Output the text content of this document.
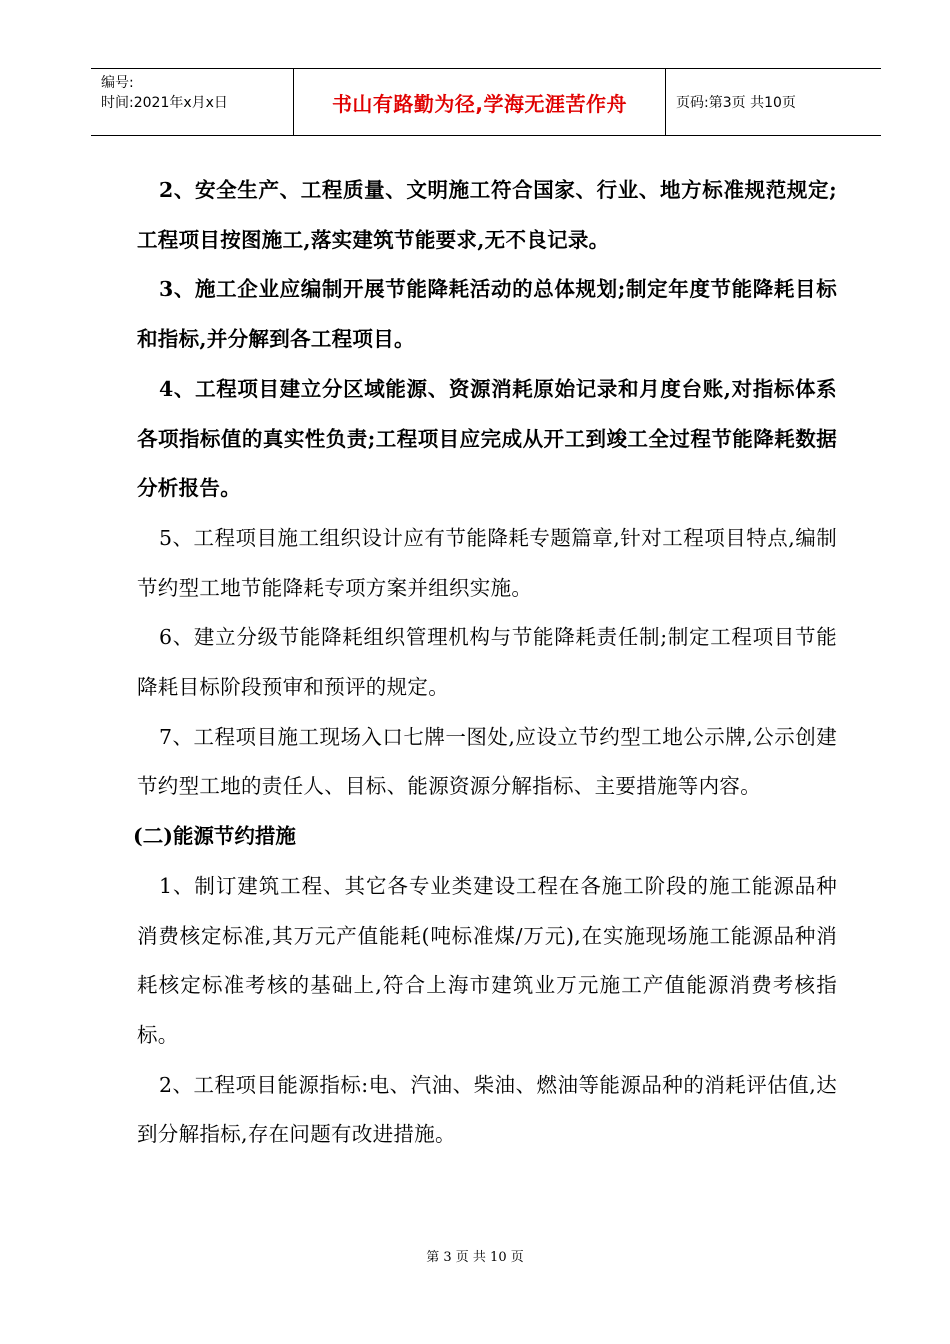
编号:
时间:2021年x月x日	书山有路勤为径,学海无涯苦作舟	页码:第3页 共10页

2、安全生产、工程质量、文明施工符合国家、行业、地方标准规范规定;工程项目按图施工,落实建筑节能要求,无不良记录。

3、施工企业应编制开展节能降耗活动的总体规划;制定年度节能降耗目标和指标,并分解到各工程项目。

4、工程项目建立分区域能源、资源消耗原始记录和月度台账,对指标体系各项指标值的真实性负责;工程项目应完成从开工到竣工全过程节能降耗数据分析报告。

5、工程项目施工组织设计应有节能降耗专题篇章,针对工程项目特点,编制节约型工地节能降耗专项方案并组织实施。

6、建立分级节能降耗组织管理机构与节能降耗责任制;制定工程项目节能降耗目标阶段预审和预评的规定。

7、工程项目施工现场入口七牌一图处,应设立节约型工地公示牌,公示创建节约型工地的责任人、目标、能源资源分解指标、主要措施等内容。

(二)能源节约措施

1、制订建筑工程、其它各专业类建设工程在各施工阶段的施工能源品种消费核定标准,其万元产值能耗(吨标准煤/万元),在实施现场施工能源品种消耗核定标准考核的基础上,符合上海市建筑业万元施工产值能源消费考核指标。

2、工程项目能源指标:电、汽油、柴油、燃油等能源品种的消耗评估值,达到分解指标,存在问题有改进措施。

第 3 页 共 10 页
